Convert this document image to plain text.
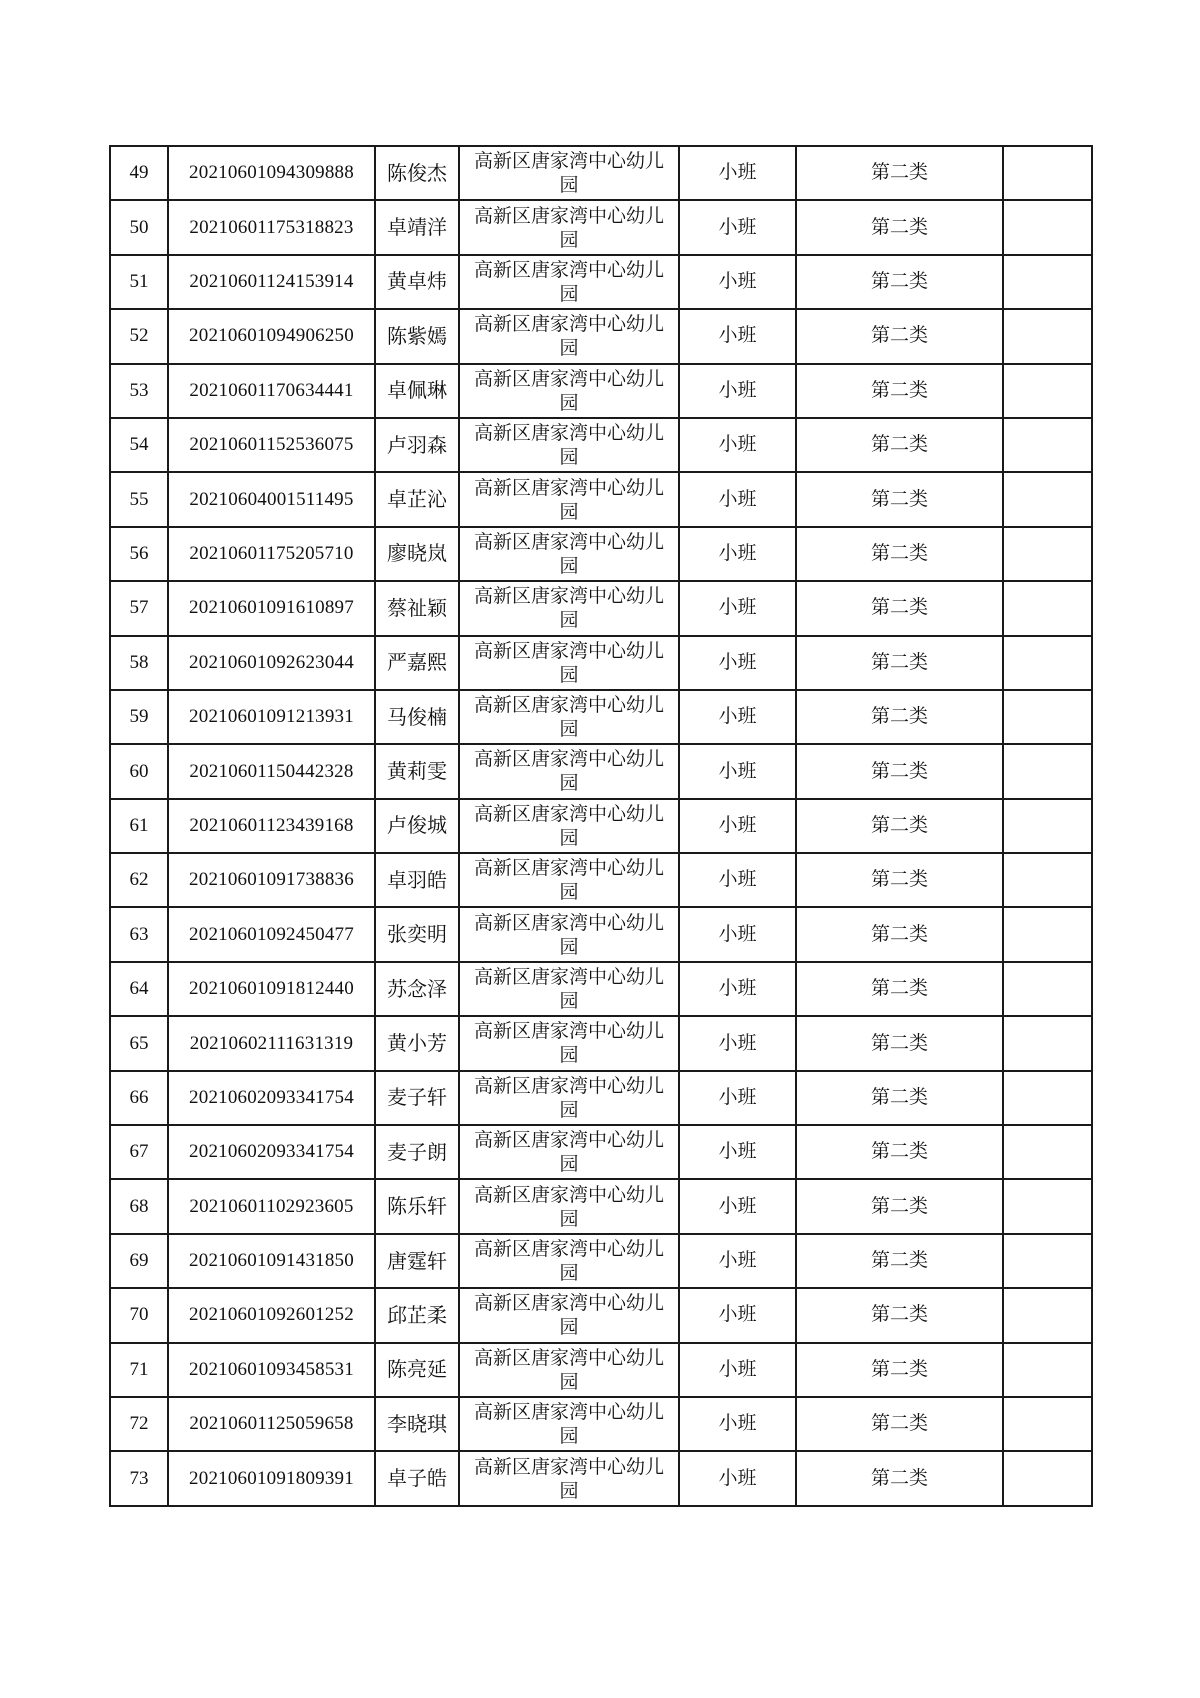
49	20210601094309888	陈俊杰	高新区唐家湾中心幼儿园	小班	第二类	
50	20210601175318823	卓靖洋	高新区唐家湾中心幼儿园	小班	第二类	
51	20210601124153914	黄卓炜	高新区唐家湾中心幼儿园	小班	第二类	
52	20210601094906250	陈紫嫣	高新区唐家湾中心幼儿园	小班	第二类	
53	20210601170634441	卓佩琳	高新区唐家湾中心幼儿园	小班	第二类	
54	20210601152536075	卢羽森	高新区唐家湾中心幼儿园	小班	第二类	
55	20210604001511495	卓芷沁	高新区唐家湾中心幼儿园	小班	第二类	
56	20210601175205710	廖晓岚	高新区唐家湾中心幼儿园	小班	第二类	
57	20210601091610897	蔡祉颖	高新区唐家湾中心幼儿园	小班	第二类	
58	20210601092623044	严嘉熙	高新区唐家湾中心幼儿园	小班	第二类	
59	20210601091213931	马俊楠	高新区唐家湾中心幼儿园	小班	第二类	
60	20210601150442328	黄莉雯	高新区唐家湾中心幼儿园	小班	第二类	
61	20210601123439168	卢俊城	高新区唐家湾中心幼儿园	小班	第二类	
62	20210601091738836	卓羽皓	高新区唐家湾中心幼儿园	小班	第二类	
63	20210601092450477	张奕明	高新区唐家湾中心幼儿园	小班	第二类	
64	20210601091812440	苏念泽	高新区唐家湾中心幼儿园	小班	第二类	
65	20210602111631319	黄小芳	高新区唐家湾中心幼儿园	小班	第二类	
66	20210602093341754	麦子轩	高新区唐家湾中心幼儿园	小班	第二类	
67	20210602093341754	麦子朗	高新区唐家湾中心幼儿园	小班	第二类	
68	20210601102923605	陈乐轩	高新区唐家湾中心幼儿园	小班	第二类	
69	20210601091431850	唐霆轩	高新区唐家湾中心幼儿园	小班	第二类	
70	20210601092601252	邱芷柔	高新区唐家湾中心幼儿园	小班	第二类	
71	20210601093458531	陈亮延	高新区唐家湾中心幼儿园	小班	第二类	
72	20210601125059658	李晓琪	高新区唐家湾中心幼儿园	小班	第二类	
73	20210601091809391	卓子皓	高新区唐家湾中心幼儿园	小班	第二类	
